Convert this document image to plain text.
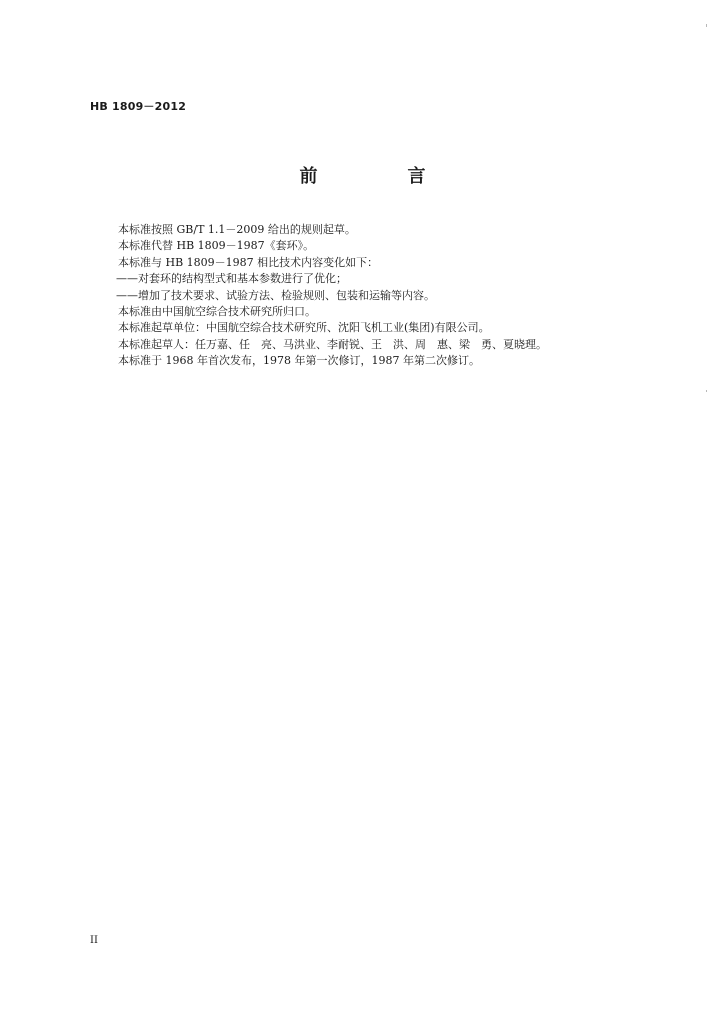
HB 1809－2012
前　言
本标准按照 GB/T 1.1－2009 给出的规则起草。
本标准代替 HB 1809－1987《套环》。
本标准与 HB 1809－1987 相比技术内容变化如下：
——对套环的结构型式和基本参数进行了优化；
——增加了技术要求、试验方法、检验规则、包装和运输等内容。
本标准由中国航空综合技术研究所归口。
本标准起草单位：中国航空综合技术研究所、沈阳飞机工业(集团)有限公司。
本标准起草人：任万嘉、任　亮、马洪业、李耐锐、王　洪、周　惠、梁　勇、夏晓理。
本标准于 1968 年首次发布，1978 年第一次修订，1987 年第二次修订。
II
